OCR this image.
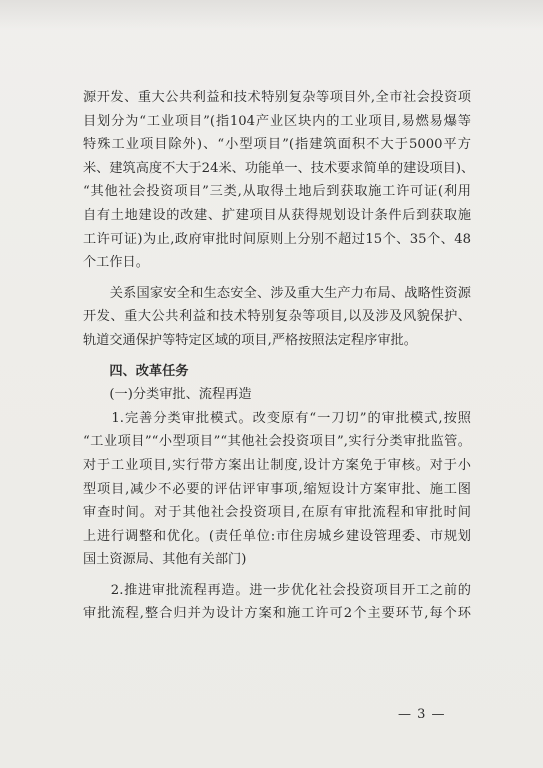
源开发、重大公共利益和技术特别复杂等项目外,全市社会投资项
目划分为“工业项目”(指104产业区块内的工业项目,易燃易爆等
特殊工业项目除外)、“小型项目”(指建筑面积不大于5000平方
米、建筑高度不大于24米、功能单一、技术要求简单的建设项目)、
“其他社会投资项目”三类,从取得土地后到获取施工许可证(利用
自有土地建设的改建、扩建项目从获得规划设计条件后到获取施
工许可证)为止,政府审批时间原则上分别不超过15个、35个、48
个工作日。
　　关系国家安全和生态安全、涉及重大生产力布局、战略性资源
开发、重大公共利益和技术特别复杂等项目,以及涉及风貌保护、
轨道交通保护等特定区域的项目,严格按照法定程序审批。
　　四、改革任务
　　(一)分类审批、流程再造
　　1.完善分类审批模式。改变原有“一刀切”的审批模式,按照
“工业项目”“小型项目”“其他社会投资项目”,实行分类审批监管。
对于工业项目,实行带方案出让制度,设计方案免于审核。对于小
型项目,减少不必要的评估评审事项,缩短设计方案审批、施工图
审查时间。对于其他社会投资项目,在原有审批流程和审批时间
上进行调整和优化。(责任单位:市住房城乡建设管理委、市规划
国土资源局、其他有关部门)
　　2.推进审批流程再造。进一步优化社会投资项目开工之前的
审批流程,整合归并为设计方案和施工许可2个主要环节,每个环
— 3 —
